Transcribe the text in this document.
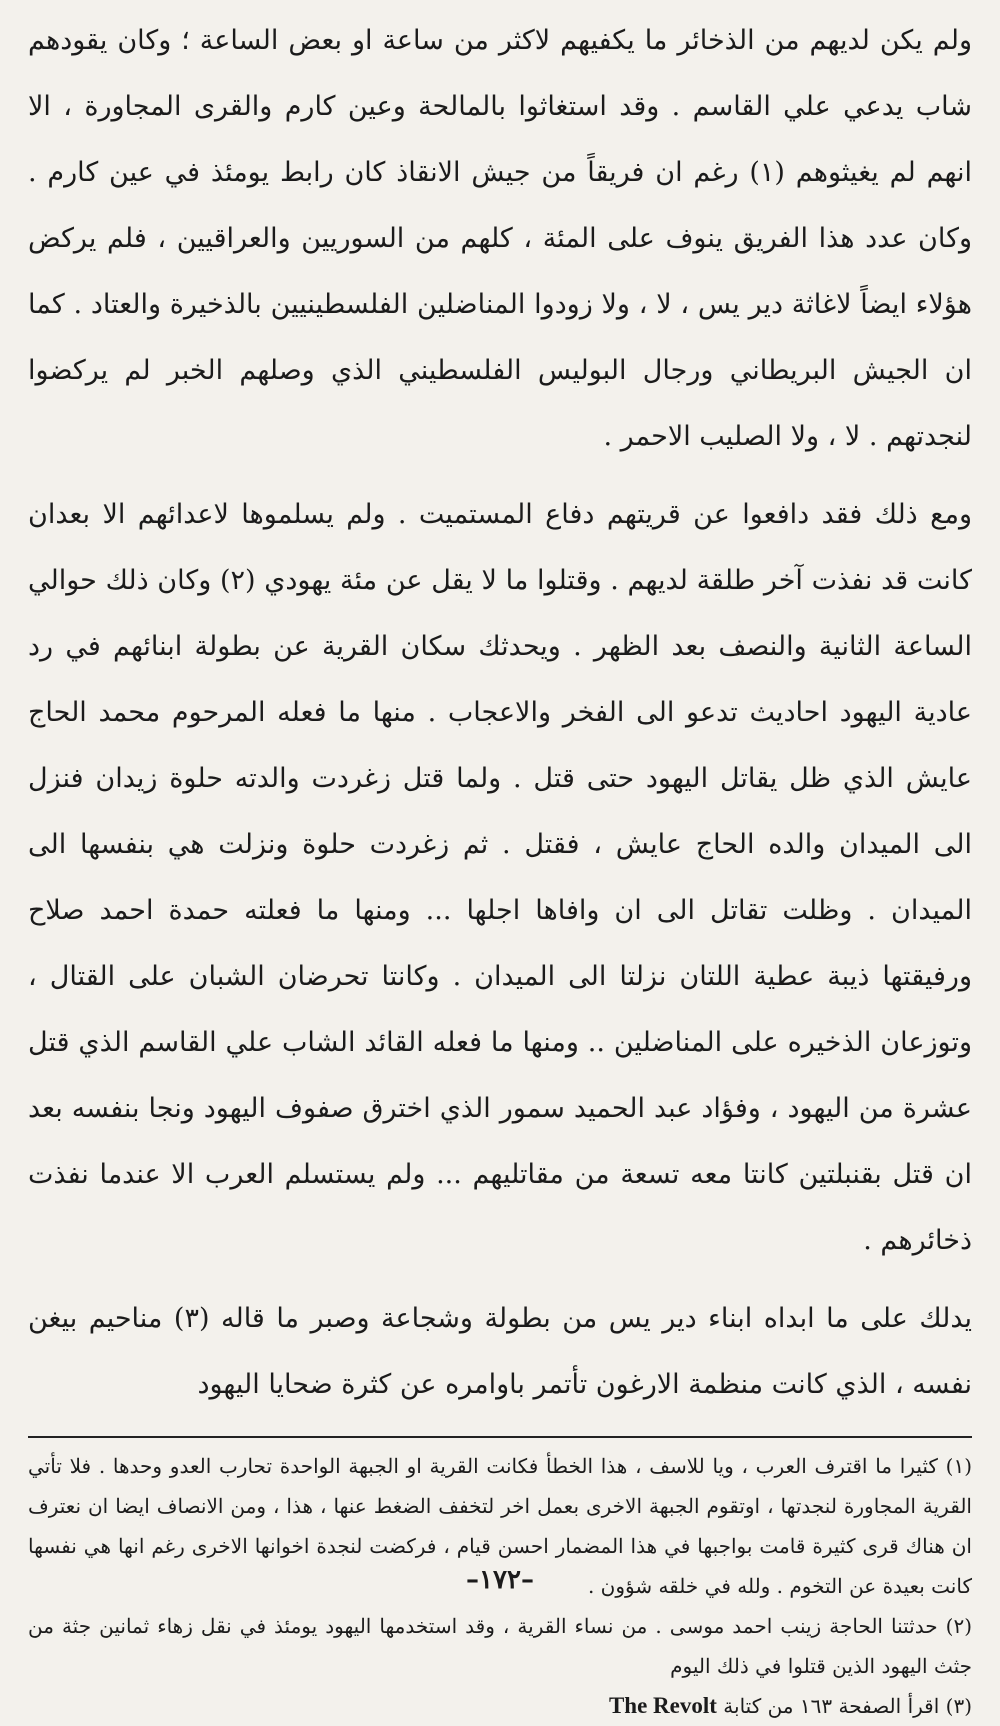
ولم يكن لديهم من الذخائر ما يكفيهم لاكثر من ساعة او بعض الساعة ؛ وكان يقودهم شاب يدعي علي القاسم . وقد استغاثوا بالمالحة وعين كارم والقرى المجاورة ، الا انهم لم يغيثوهم (١) رغم ان فريقاً من جيش الانقاذ كان رابط يومئذ في عين كارم . وكان عدد هذا الفريق ينوف على المئة ، كلهم من السوريين والعراقيين ، فلم يركض هؤلاء ايضاً لاغاثة دير يس ، لا ، ولا زودوا المناضلين الفلسطينيين بالذخيرة والعتاد . كما ان الجيش البريطاني ورجال البوليس الفلسطيني الذي وصلهم الخبر لم يركضوا لنجدتهم . لا ، ولا الصليب الاحمر .

ومع ذلك فقد دافعوا عن قريتهم دفاع المستميت . ولم يسلموها لاعدائهم الا بعدان كانت قد نفذت آخر طلقة لديهم . وقتلوا ما لا يقل عن مئة يهودي (٢) وكان ذلك حوالي الساعة الثانية والنصف بعد الظهر . ويحدثك سكان القرية عن بطولة ابنائهم في رد عادية اليهود احاديث تدعو الى الفخر والاعجاب . منها ما فعله المرحوم محمد الحاج عايش الذي ظل يقاتل اليهود حتى قتل . ولما قتل زغردت والدته حلوة زيدان فنزل الى الميدان والده الحاج عايش ، فقتل . ثم زغردت حلوة ونزلت هي بنفسها الى الميدان . وظلت تقاتل الى ان وافاها اجلها ... ومنها ما فعلته حمدة احمد صلاح ورفيقتها ذيبة عطية اللتان نزلتا الى الميدان . وكانتا تحرضان الشبان على القتال ، وتوزعان الذخيره على المناضلين .. ومنها ما فعله القائد الشاب علي القاسم الذي قتل عشرة من اليهود ، وفؤاد عبد الحميد سمور الذي اخترق صفوف اليهود ونجا بنفسه بعد ان قتل بقنبلتين كانتا معه تسعة من مقاتليهم ... ولم يستسلم العرب الا عندما نفذت ذخائرهم .

يدلك على ما ابداه ابناء دير يس من بطولة وشجاعة وصبر ما قاله (٣) مناحيم بيغن نفسه ، الذي كانت منظمة الارغون تأتمر باوامره عن كثرة ضحايا اليهود

(١) كثيرا ما اقترف العرب ، ويا للاسف ، هذا الخطأ فكانت القرية او الجبهة الواحدة تحارب العدو وحدها . فلا تأتي القرية المجاورة لنجدتها ، اوتقوم الجبهة الاخرى بعمل اخر لتخفف الضغط عنها ، هذا ، ومن الانصاف ايضا ان نعترف ان هناك قرى كثيرة قامت بواجبها في هذا المضمار احسن قيام ، فركضت لنجدة اخوانها الاخرى رغم انها هي نفسها كانت بعيدة عن التخوم . ولله في خلقه شؤون .

(٢) حدثتنا الحاجة زينب احمد موسى . من نساء القرية ، وقد استخدمها اليهود يومئذ في نقل زهاء ثمانين جثة من جثث اليهود الذين قتلوا في ذلك اليوم

(٣) اقرأ الصفحة ١٦٣ من كتابة The Revolt

–١٧٢–
